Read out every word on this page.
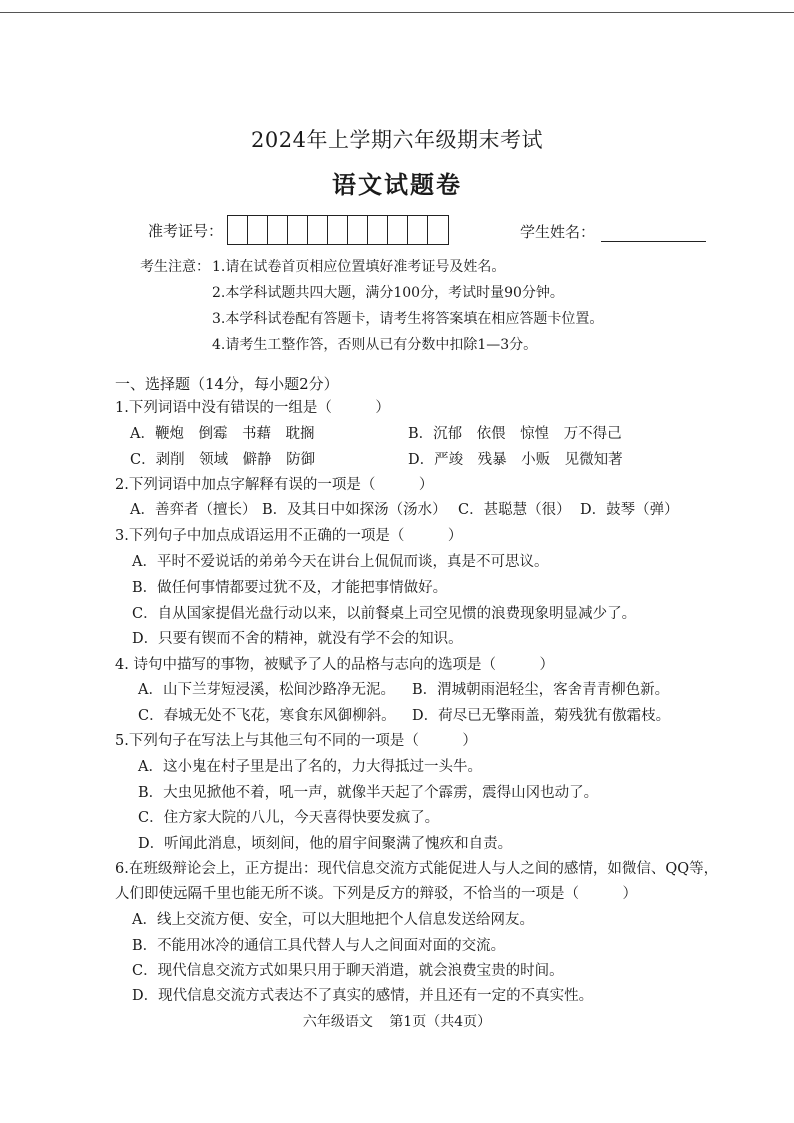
2024年上学期六年级期末考试
语文试题卷
准考证号：	学生姓名：
考生注意： 1.请在试卷首页相应位置填好准考证号及姓名。
2.本学科试题共四大题，满分100分，考试时量90分钟。
3.本学科试卷配有答题卡，请考生将答案填在相应答题卡位置。
4.请考生工整作答，否则从已有分数中扣除1—3分。
一、选择题（14分，每小题2分）
1.下列词语中没有错误的一组是（　　　）
A．鞭炮　倒霉　书藉　耽搁	B．沉郁　依偎　惊惶　万不得己
C．剥削　领域　僻静　防御	D．严竣　残暴　小贩　见微知著
2.下列词语中加点字解释有误的一项是（　　　）
A．善弈者（擅长） B．及其日中如探汤（汤水） C．甚聪慧（很） D．鼓琴（弹）
3.下列句子中加点成语运用不正确的一项是（　　　）
A．平时不爱说话的弟弟今天在讲台上侃侃而谈，真是不可思议。
B．做任何事情都要过犹不及，才能把事情做好。
C．自从国家提倡光盘行动以来，以前餐桌上司空见惯的浪费现象明显减少了。
D．只要有锲而不舍的精神，就没有学不会的知识。
4. 诗句中描写的事物，被赋予了人的品格与志向的选项是（　　　）
A．山下兰芽短浸溪，松间沙路净无泥。 B．渭城朝雨浥轻尘，客舍青青柳色新。
C．春城无处不飞花，寒食东风御柳斜。 D．荷尽已无擎雨盖，菊残犹有傲霜枝。
5.下列句子在写法上与其他三句不同的一项是（　　　）
A．这小鬼在村子里是出了名的，力大得抵过一头牛。
B．大虫见掀他不着，吼一声，就像半天起了个霹雳，震得山冈也动了。
C．住方家大院的八儿，今天喜得快要发疯了。
D．听闻此消息，顷刻间，他的眉宇间聚满了愧疚和自责。
6.在班级辩论会上，正方提出：现代信息交流方式能促进人与人之间的感情，如微信、QQ等，
人们即使远隔千里也能无所不谈。下列是反方的辩驳，不恰当的一项是（　　　）
A．线上交流方便、安全，可以大胆地把个人信息发送给网友。
B．不能用冰冷的通信工具代替人与人之间面对面的交流。
C．现代信息交流方式如果只用于聊天消遣，就会浪费宝贵的时间。
D．现代信息交流方式表达不了真实的感情，并且还有一定的不真实性。
六年级语文 第1页（共4页）
